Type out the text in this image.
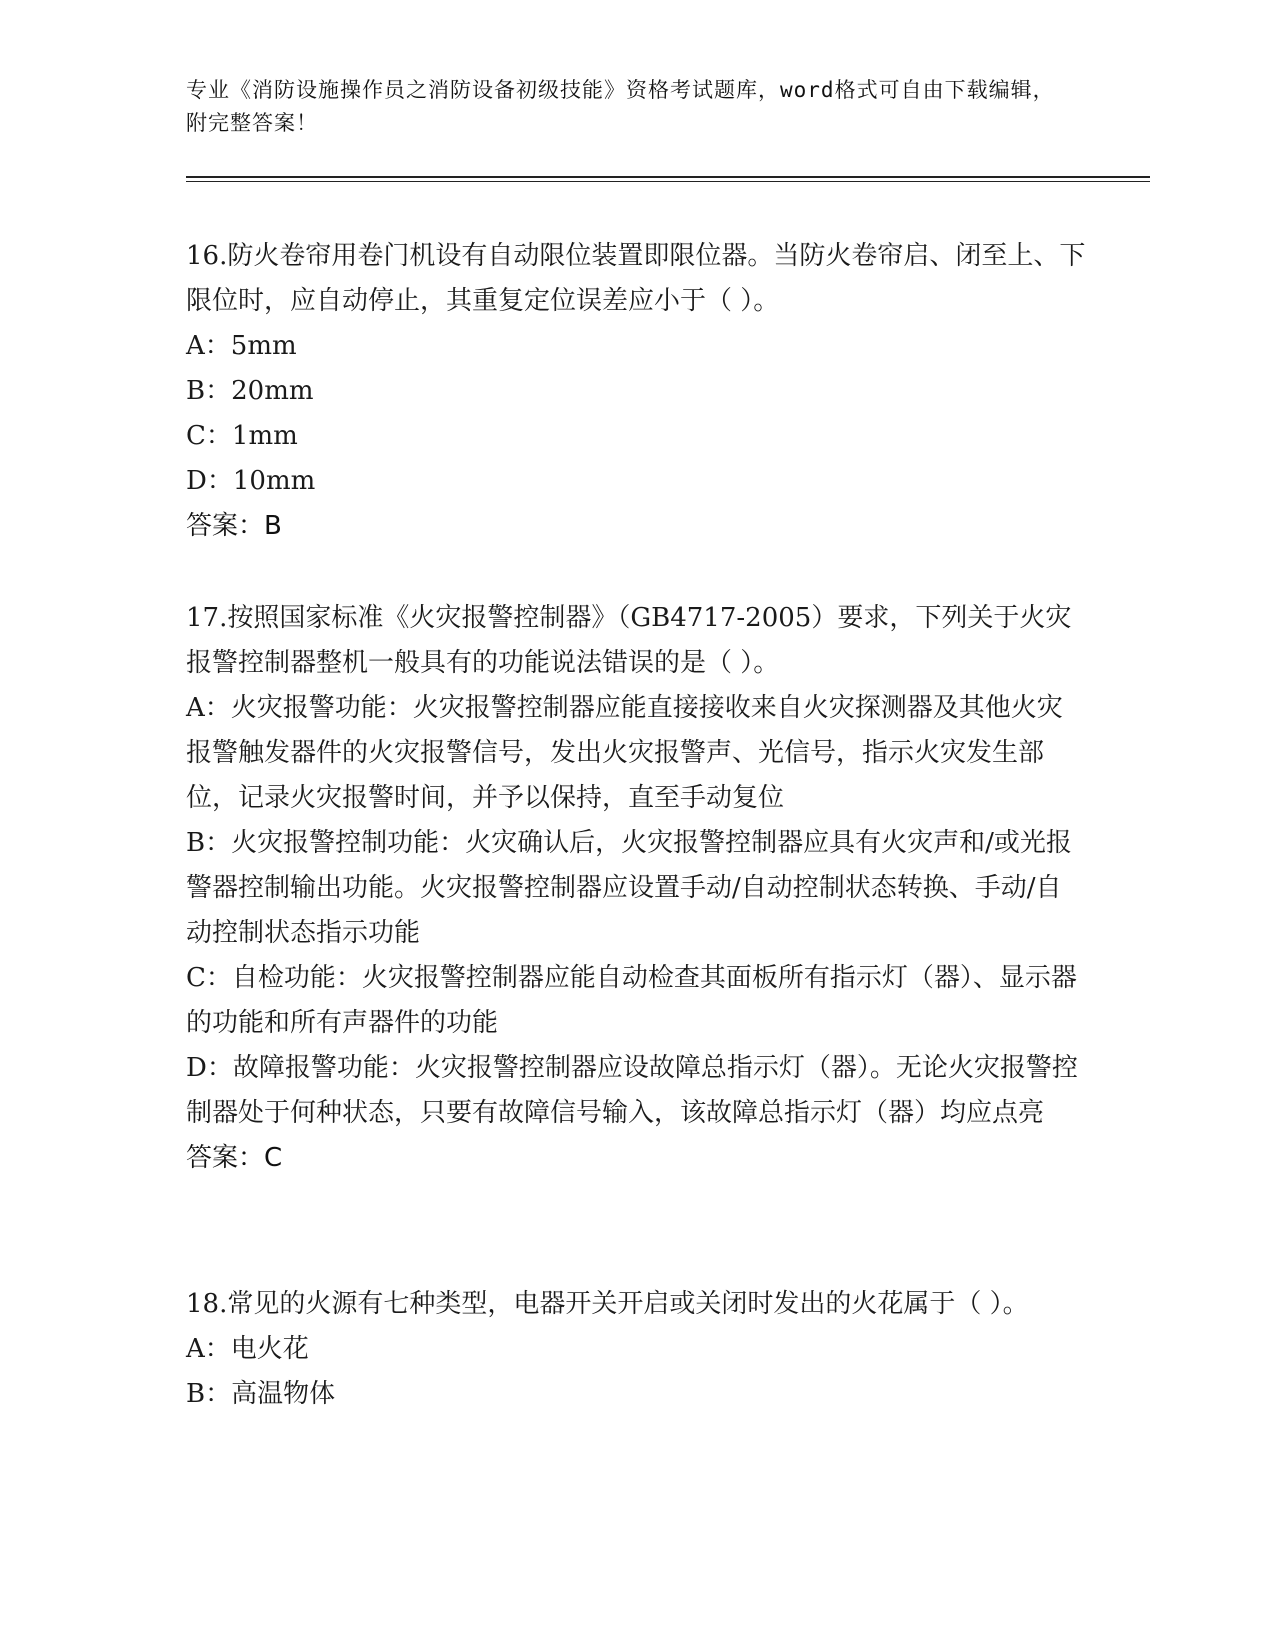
专业《消防设施操作员之消防设备初级技能》资格考试题库，word格式可自由下载编辑，附完整答案！
16.防火卷帘用卷门机设有自动限位装置即限位器。当防火卷帘启、闭至上、下限位时，应自动停止，其重复定位误差应小于（ ）。
A：5mm
B：20mm
C：1mm
D：10mm
答案：B
17.按照国家标准《火灾报警控制器》（GB4717-2005）要求，下列关于火灾报警控制器整机一般具有的功能说法错误的是（ ）。
A：火灾报警功能：火灾报警控制器应能直接接收来自火灾探测器及其他火灾报警触发器件的火灾报警信号，发出火灾报警声、光信号，指示火灾发生部位，记录火灾报警时间，并予以保持，直至手动复位
B：火灾报警控制功能：火灾确认后，火灾报警控制器应具有火灾声和/或光报警器控制输出功能。火灾报警控制器应设置手动/自动控制状态转换、手动/自动控制状态指示功能
C：自检功能：火灾报警控制器应能自动检查其面板所有指示灯（器）、显示器的功能和所有声器件的功能
D：故障报警功能：火灾报警控制器应设故障总指示灯（器）。无论火灾报警控制器处于何种状态，只要有故障信号输入，该故障总指示灯（器）均应点亮
答案：C
18.常见的火源有七种类型，电器开关开启或关闭时发出的火花属于（ ）。
A：电火花
B：高温物体
